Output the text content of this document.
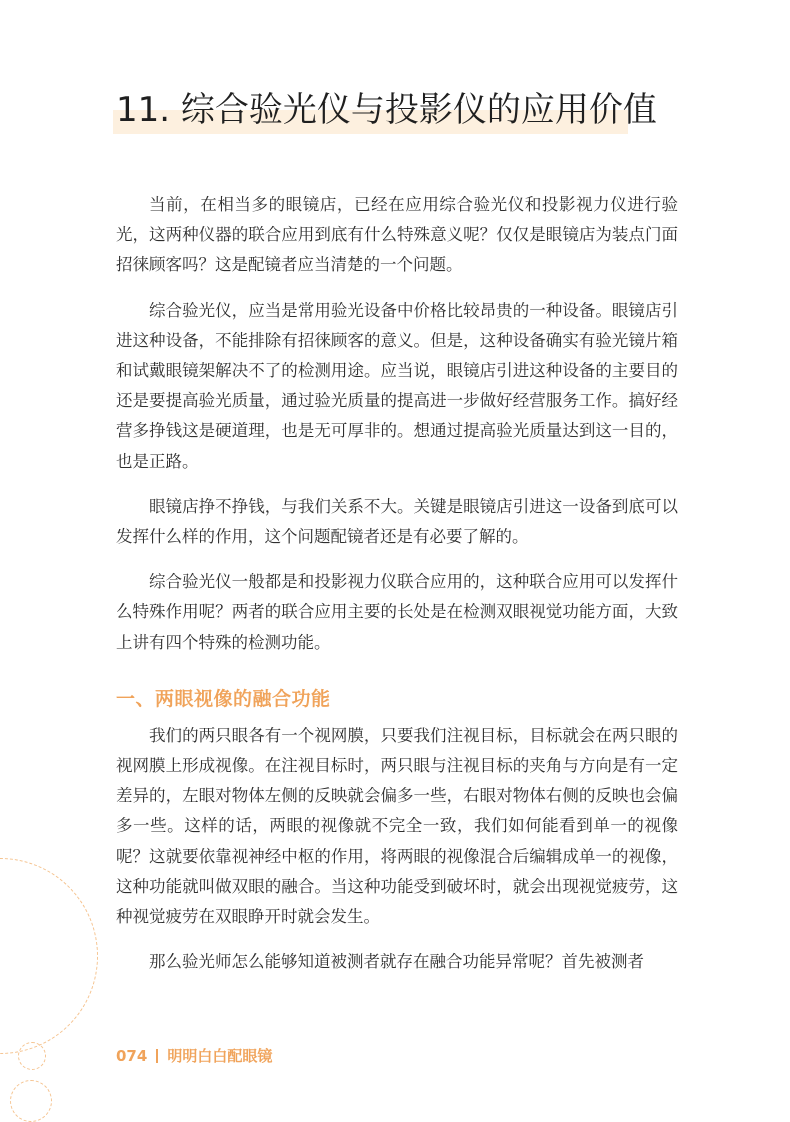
11. 综合验光仪与投影仪的应用价值

当前，在相当多的眼镜店，已经在应用综合验光仪和投影视力仪进行验光，这两种仪器的联合应用到底有什么特殊意义呢？仅仅是眼镜店为装点门面招徕顾客吗？这是配镜者应当清楚的一个问题。

综合验光仪，应当是常用验光设备中价格比较昂贵的一种设备。眼镜店引进这种设备，不能排除有招徕顾客的意义。但是，这种设备确实有验光镜片箱和试戴眼镜架解决不了的检测用途。应当说，眼镜店引进这种设备的主要目的还是要提高验光质量，通过验光质量的提高进一步做好经营服务工作。搞好经营多挣钱这是硬道理，也是无可厚非的。想通过提高验光质量达到这一目的，也是正路。

眼镜店挣不挣钱，与我们关系不大。关键是眼镜店引进这一设备到底可以发挥什么样的作用，这个问题配镜者还是有必要了解的。

综合验光仪一般都是和投影视力仪联合应用的，这种联合应用可以发挥什么特殊作用呢？两者的联合应用主要的长处是在检测双眼视觉功能方面，大致上讲有四个特殊的检测功能。

一、两眼视像的融合功能

我们的两只眼各有一个视网膜，只要我们注视目标，目标就会在两只眼的视网膜上形成视像。在注视目标时，两只眼与注视目标的夹角与方向是有一定差异的，左眼对物体左侧的反映就会偏多一些，右眼对物体右侧的反映也会偏多一些。这样的话，两眼的视像就不完全一致，我们如何能看到单一的视像呢？这就要依靠视神经中枢的作用，将两眼的视像混合后编辑成单一的视像，这种功能就叫做双眼的融合。当这种功能受到破坏时，就会出现视觉疲劳，这种视觉疲劳在双眼睁开时就会发生。

那么验光师怎么能够知道被测者就存在融合功能异常呢？首先被测者

074 明明白白配眼镜
